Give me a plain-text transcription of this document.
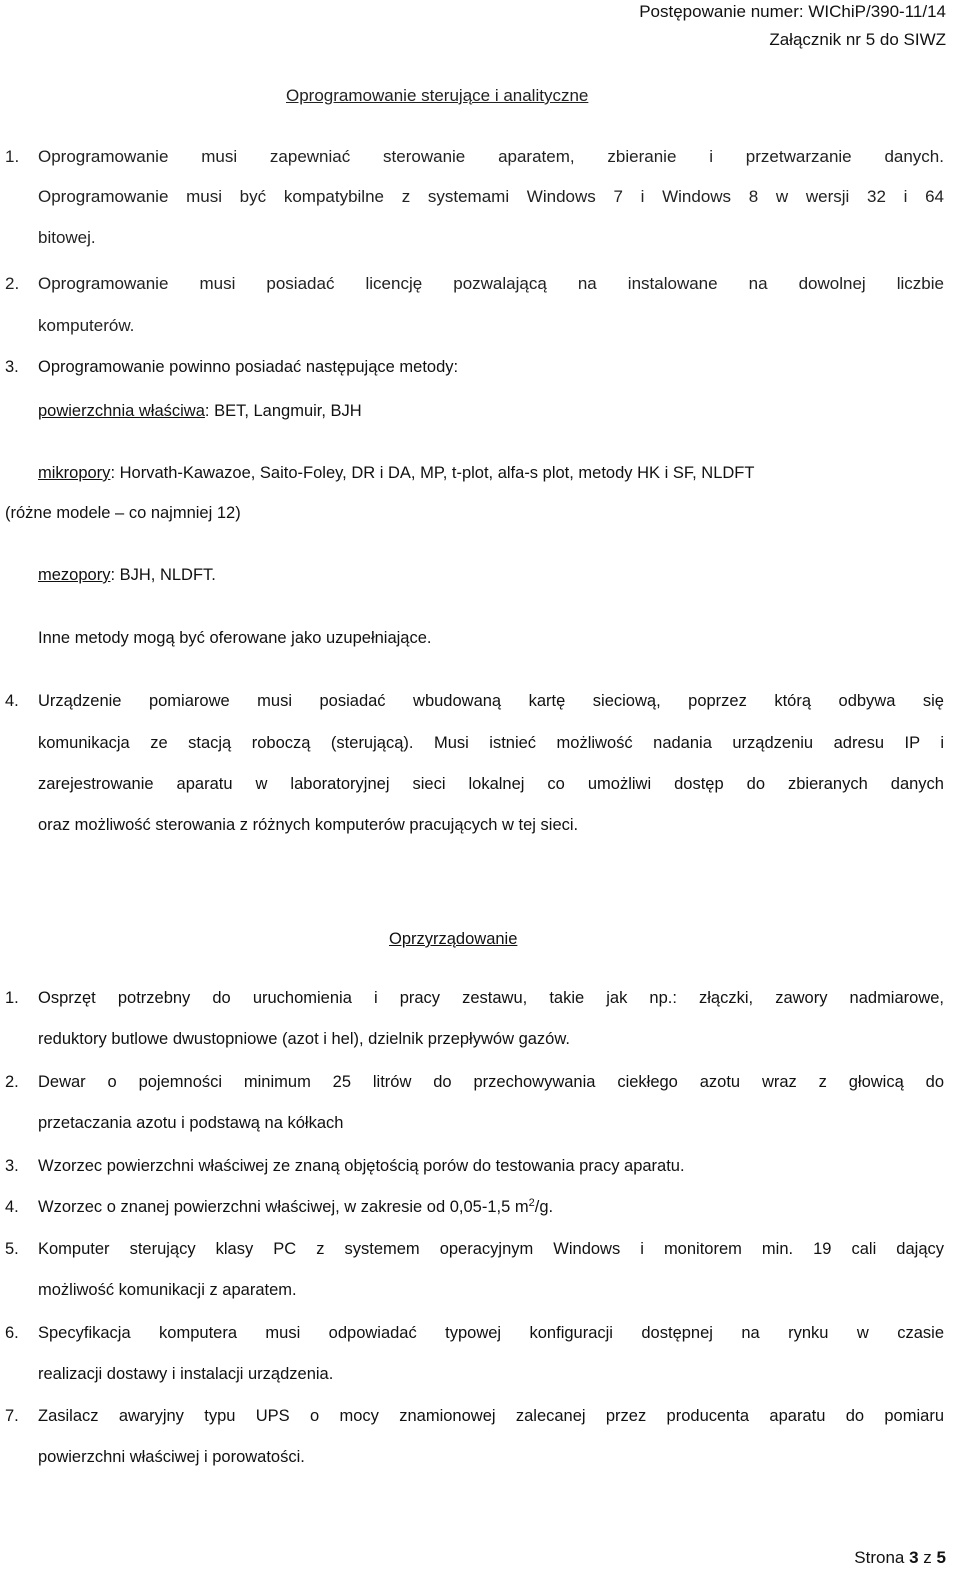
Postępowanie numer: WIChiP/390-11/14
Załącznik nr 5 do SIWZ
Oprogramowanie sterujące i analityczne
1. Oprogramowanie musi zapewniać sterowanie aparatem, zbieranie i przetwarzanie danych.
Oprogramowanie musi być kompatybilne z systemami Windows 7 i Windows 8 w wersji 32 i 64
bitowej.
2. Oprogramowanie musi posiadać licencję pozwalającą na instalowane na dowolnej liczbie
komputerów.
3. Oprogramowanie powinno posiadać następujące metody:
powierzchnia właściwa: BET, Langmuir, BJH
mikropory: Horvath-Kawazoe, Saito-Foley, DR i DA, MP, t-plot, alfa-s plot, metody HK i SF, NLDFT
(różne modele – co najmniej 12)
mezopory: BJH, NLDFT.
Inne metody mogą być oferowane jako uzupełniające.
4. Urządzenie pomiarowe musi posiadać wbudowaną kartę sieciową, poprzez którą odbywa się
komunikacja ze stacją roboczą (sterującą). Musi istnieć możliwość nadania urządzeniu adresu IP i
zarejestrowanie aparatu w laboratoryjnej sieci lokalnej co umożliwi dostęp do zbieranych danych
oraz możliwość sterowania z różnych komputerów pracujących w tej sieci.
Oprzyrządowanie
1. Osprzęt potrzebny do uruchomienia i pracy zestawu, takie jak np.: złączki, zawory nadmiarowe,
reduktory butlowe dwustopniowe (azot i hel), dzielnik przepływów gazów.
2. Dewar o pojemności minimum 25 litrów do przechowywania ciekłego azotu wraz z głowicą do
przetaczania azotu i podstawą na kółkach
3. Wzorzec powierzchni właściwej ze znaną objętością porów do testowania pracy aparatu.
4. Wzorzec o znanej powierzchni właściwej, w zakresie od 0,05-1,5 $m^2/g$.
5. Komputer sterujący klasy PC z systemem operacyjnym Windows i monitorem min. 19 cali dający
możliwość komunikacji z aparatem.
6. Specyfikacja komputera musi odpowiadać typowej konfiguracji dostępnej na rynku w czasie
realizacji dostawy i instalacji urządzenia.
7. Zasilacz awaryjny typu UPS o mocy znamionowej zalecanej przez producenta aparatu do pomiaru
powierzchni właściwej i porowatości.
Strona 3 z 5
